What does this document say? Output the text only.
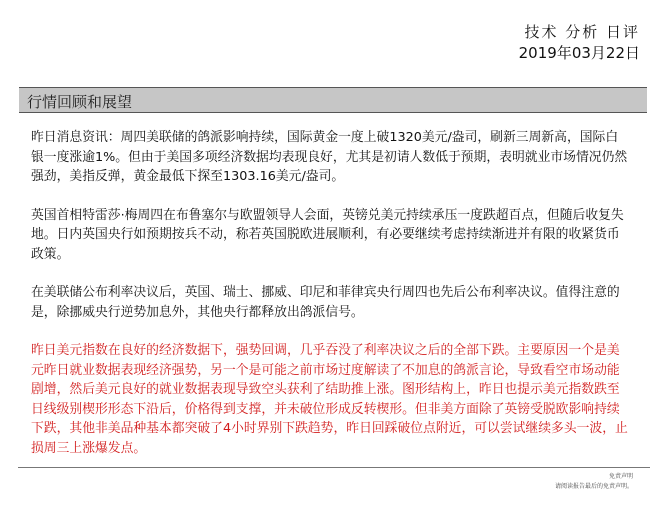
技术 分析 日评
2019年03月22日
行情回顾和展望

昨日消息资讯：周四美联储的鸽派影响持续，国际黄金一度上破1320美元/盎司，刷新三周新高，国际白银一度涨逾1%。但由于美国多项经济数据均表现良好，尤其是初请人数低于预期，表明就业市场情况仍然强劲，美指反弹，黄金最低下探至1303.16美元/盎司。

英国首相特雷莎·梅周四在布鲁塞尔与欧盟领导人会面，英镑兑美元持续承压一度跌超百点，但随后收复失地。日内英国央行如预期按兵不动，称若英国脱欧进展顺利，有必要继续考虑持续渐进并有限的收紧货币政策。

在美联储公布利率决议后，英国、瑞士、挪威、印尼和菲律宾央行周四也先后公布利率决议。值得注意的是，除挪威央行逆势加息外，其他央行都释放出鸽派信号。

昨日美元指数在良好的经济数据下，强势回调，几乎吞没了利率决议之后的全部下跌。主要原因一个是美元昨日就业数据表现经济强势，另一个是可能之前市场过度解读了不加息的鸽派言论，导致看空市场动能剧增，然后美元良好的就业数据表现导致空头获利了结助推上涨。图形结构上，昨日也提示美元指数跌至日线级别楔形形态下沿后，价格得到支撑，并未破位形成反转楔形。但非美方面除了英镑受脱欧影响持续下跌，其他非美品种基本都突破了4小时界别下跌趋势，昨日回踩破位点附近，可以尝试继续多头一波，止损周三上涨爆发点。

免责声明
请阅读报告最后的免责声明。
